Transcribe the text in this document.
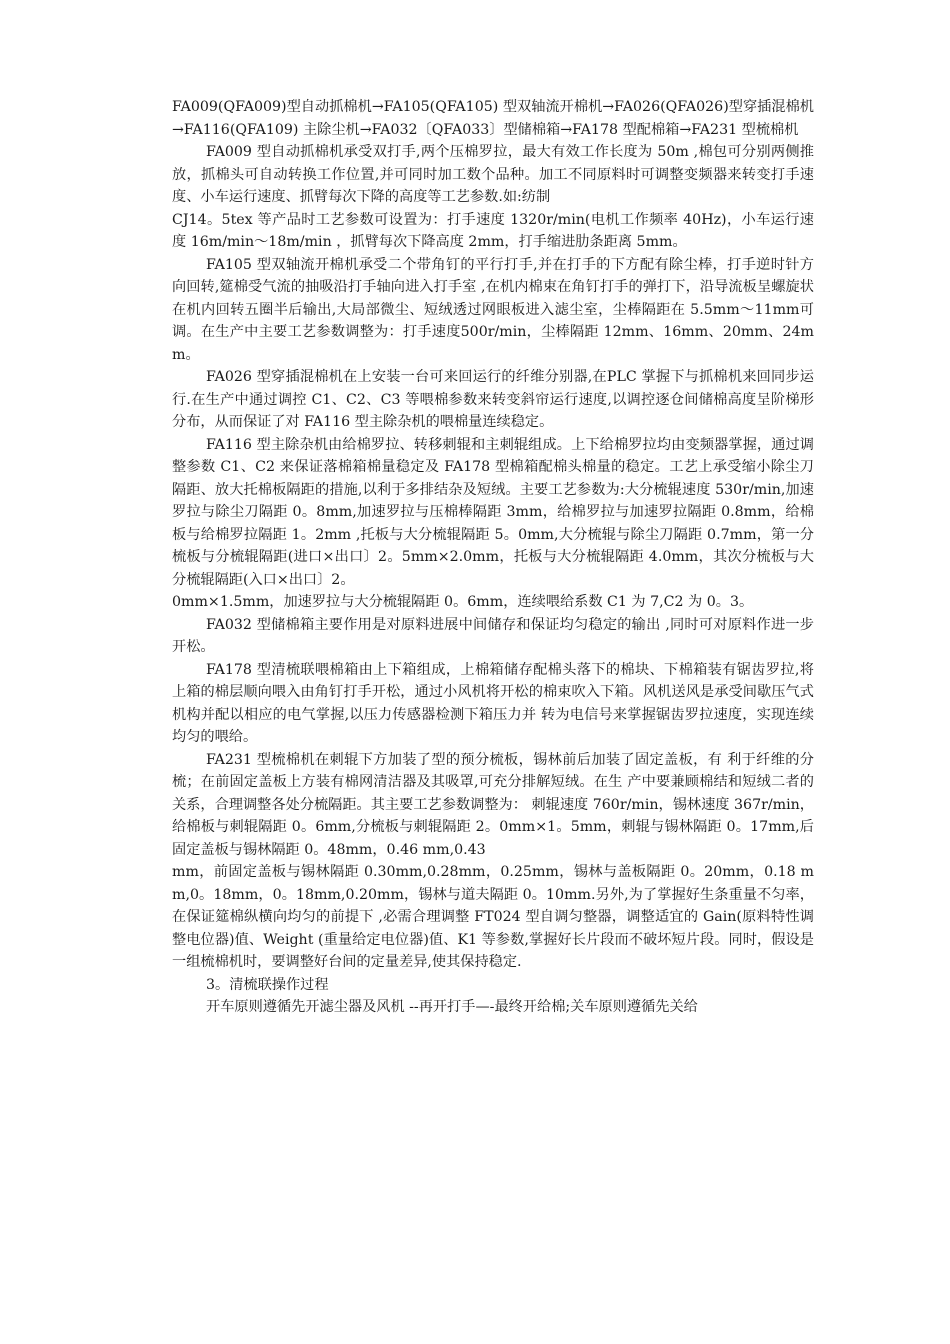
FA009(QFA009)型自动抓棉机→FA105(QFA105) 型双轴流开棉机→FA026(QFA026)型穿插混棉机→FA116(QFA109) 主除尘机→FA032〔QFA033〕型储棉箱→FA178 型配棉箱→FA231 型梳棉机

FA009 型自动抓棉机承受双打手,两个压棉罗拉，最大有效工作长度为 50m ,棉包可分别两侧推放，抓棉头可自动转换工作位置,并可同时加工数个品种。加工不同原料时可调整变频器来转变打手速度、小车运行速度、抓臂每次下降的高度等工艺参数.如:纺制

CJ14。5tex 等产品时工艺参数可设置为：打手速度 1320r/min(电机工作频率 40Hz)，小车运行速度 16m/min～18m/min ，抓臂每次下降高度 2mm，打手缩进肋条距离 5mm。

FA105 型双轴流开棉机承受二个带角钉的平行打手,并在打手的下方配有除尘棒，打手逆时针方向回转,筵棉受气流的抽吸沿打手轴向进入打手室 ,在机内棉束在角钉打手的弹打下，沿导流板呈螺旋状在机内回转五圈半后输出,大局部微尘、短绒透过网眼板进入滤尘室，尘棒隔距在 5.5mm～11mm可调。在生产中主要工艺参数调整为：打手速度500r/min，尘棒隔距 12mm、16mm、20mm、24mm。

FA026 型穿插混棉机在上安装一台可来回运行的纤维分别器,在PLC 掌握下与抓棉机来回同步运行.在生产中通过调控 C1、C2、C3 等喂棉参数来转变斜帘运行速度,以调控逐仓间储棉高度呈阶梯形分布，从而保证了对 FA116 型主除杂机的喂棉量连续稳定。

FA116 型主除杂机由给棉罗拉、转移刺辊和主刺辊组成。上下给棉罗拉均由变频器掌握，通过调整参数 C1、C2 来保证落棉箱棉量稳定及 FA178 型棉箱配棉头棉量的稳定。工艺上承受缩小除尘刀隔距、放大托棉板隔距的措施,以利于多排结杂及短绒。主要工艺参数为:大分梳辊速度 530r/min,加速罗拉与除尘刀隔距 0。8mm,加速罗拉与压棉棒隔距 3mm，给棉罗拉与加速罗拉隔距 0.8mm，给棉板与给棉罗拉隔距 1。2mm ,托板与大分梳辊隔距 5。0mm,大分梳辊与除尘刀隔距 0.7mm，第一分梳板与分梳辊隔距(进口×出口〕2。5mm×2.0mm，托板与大分梳辊隔距 4.0mm，其次分梳板与大分梳辊隔距(入口×出口〕2。

0mm×1.5mm，加速罗拉与大分梳辊隔距 0。6mm，连续喂给系数 C1 为 7,C2 为 0。3。

FA032 型储棉箱主要作用是对原料进展中间储存和保证均匀稳定的输出 ,同时可对原料作进一步开松。

FA178 型清梳联喂棉箱由上下箱组成，上棉箱储存配棉头落下的棉块、下棉箱装有锯齿罗拉,将上箱的棉层顺向喂入由角钉打手开松，通过小风机将开松的棉束吹入下箱。风机送风是承受间歇压气式机构并配以相应的电气掌握,以压力传感器检测下箱压力并 转为电信号来掌握锯齿罗拉速度，实现连续均匀的喂给。

FA231 型梳棉机在刺辊下方加装了型的预分梳板，锡林前后加装了固定盖板，有 利于纤维的分梳；在前固定盖板上方装有棉网清洁器及其吸罩,可充分排解短绒。在生 产中要兼顾棉结和短绒二者的关系，合理调整各处分梳隔距。其主要工艺参数调整为： 刺辊速度 760r/min，锡林速度 367r/min，给棉板与刺辊隔距 0。6mm,分梳板与刺辊隔距 2。0mm×1。5mm，刺辊与锡林隔距 0。17mm,后固定盖板与锡林隔距 0。48mm，0.46 mm,0.43

mm，前固定盖板与锡林隔距 0.30mm,0.28mm，0.25mm，锡林与盖板隔距 0。20mm，0.18 mm,0。18mm，0。18mm,0.20mm，锡林与道夫隔距 0。10mm.另外,为了掌握好生条重量不匀率， 在保证筵棉纵横向均匀的前提下 ,必需合理调整 FT024 型自调匀整器，调整适宜的 Gain(原料特性调整电位器)值、Weight (重量给定电位器)值、K1 等参数,掌握好长片段而不破坏短片段。同时，假设是一组梳棉机时，要调整好台间的定量差异,使其保持稳定.

3。清梳联操作过程

开车原则遵循先开滤尘器及风机 --再开打手—-最终开给棉;关车原则遵循先关给
